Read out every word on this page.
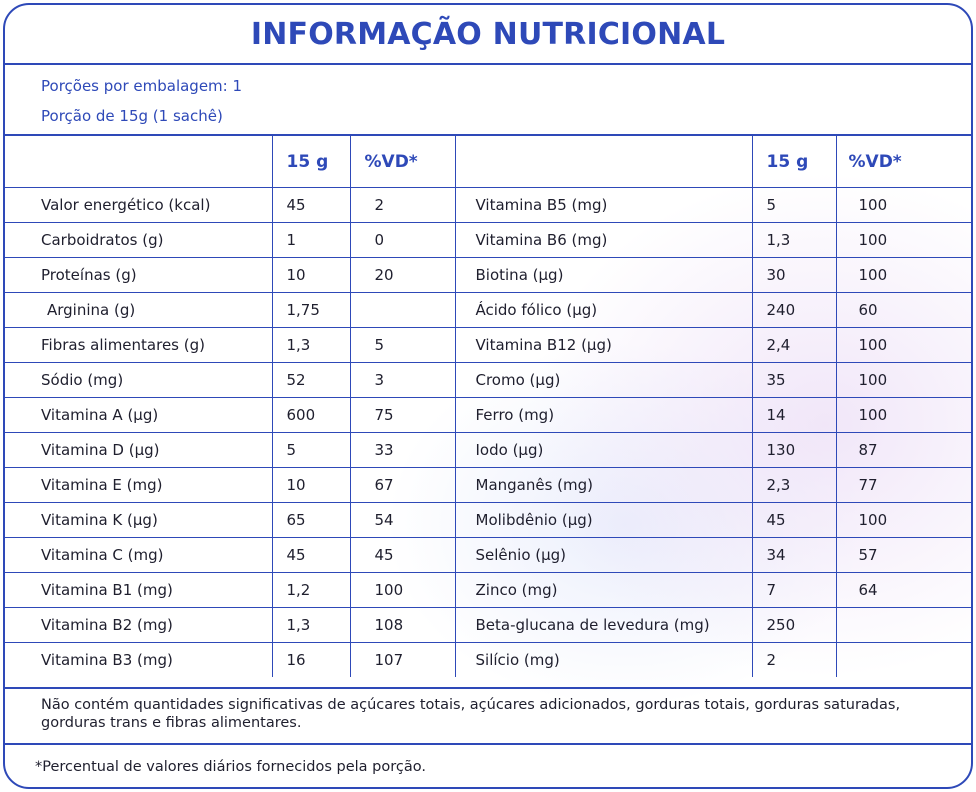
INFORMAÇÃO NUTRICIONAL
Porções por embalagem: 1
Porção de 15g (1 sachê)
	15 g	%VD*		15 g	%VD*
Valor energético (kcal)	45	2	Vitamina B5 (mg)	5	100
Carboidratos (g)	1	0	Vitamina B6 (mg)	1,3	100
Proteínas (g)	10	20	Biotina (µg)	30	100
Arginina (g)	1,75		Ácido fólico (µg)	240	60
Fibras alimentares (g)	1,3	5	Vitamina B12 (µg)	2,4	100
Sódio (mg)	52	3	Cromo (µg)	35	100
Vitamina A (µg)	600	75	Ferro (mg)	14	100
Vitamina D (µg)	5	33	Iodo (µg)	130	87
Vitamina E (mg)	10	67	Manganês (mg)	2,3	77
Vitamina K (µg)	65	54	Molibdênio (µg)	45	100
Vitamina C (mg)	45	45	Selênio (µg)	34	57
Vitamina B1 (mg)	1,2	100	Zinco (mg)	7	64
Vitamina B2 (mg)	1,3	108	Beta-glucana de levedura (mg)	250	
Vitamina B3 (mg)	16	107	Silício (mg)	2	
Não contém quantidades significativas de açúcares totais, açúcares adicionados, gorduras totais, gorduras saturadas, gorduras trans e fibras alimentares.
*Percentual de valores diários fornecidos pela porção.
